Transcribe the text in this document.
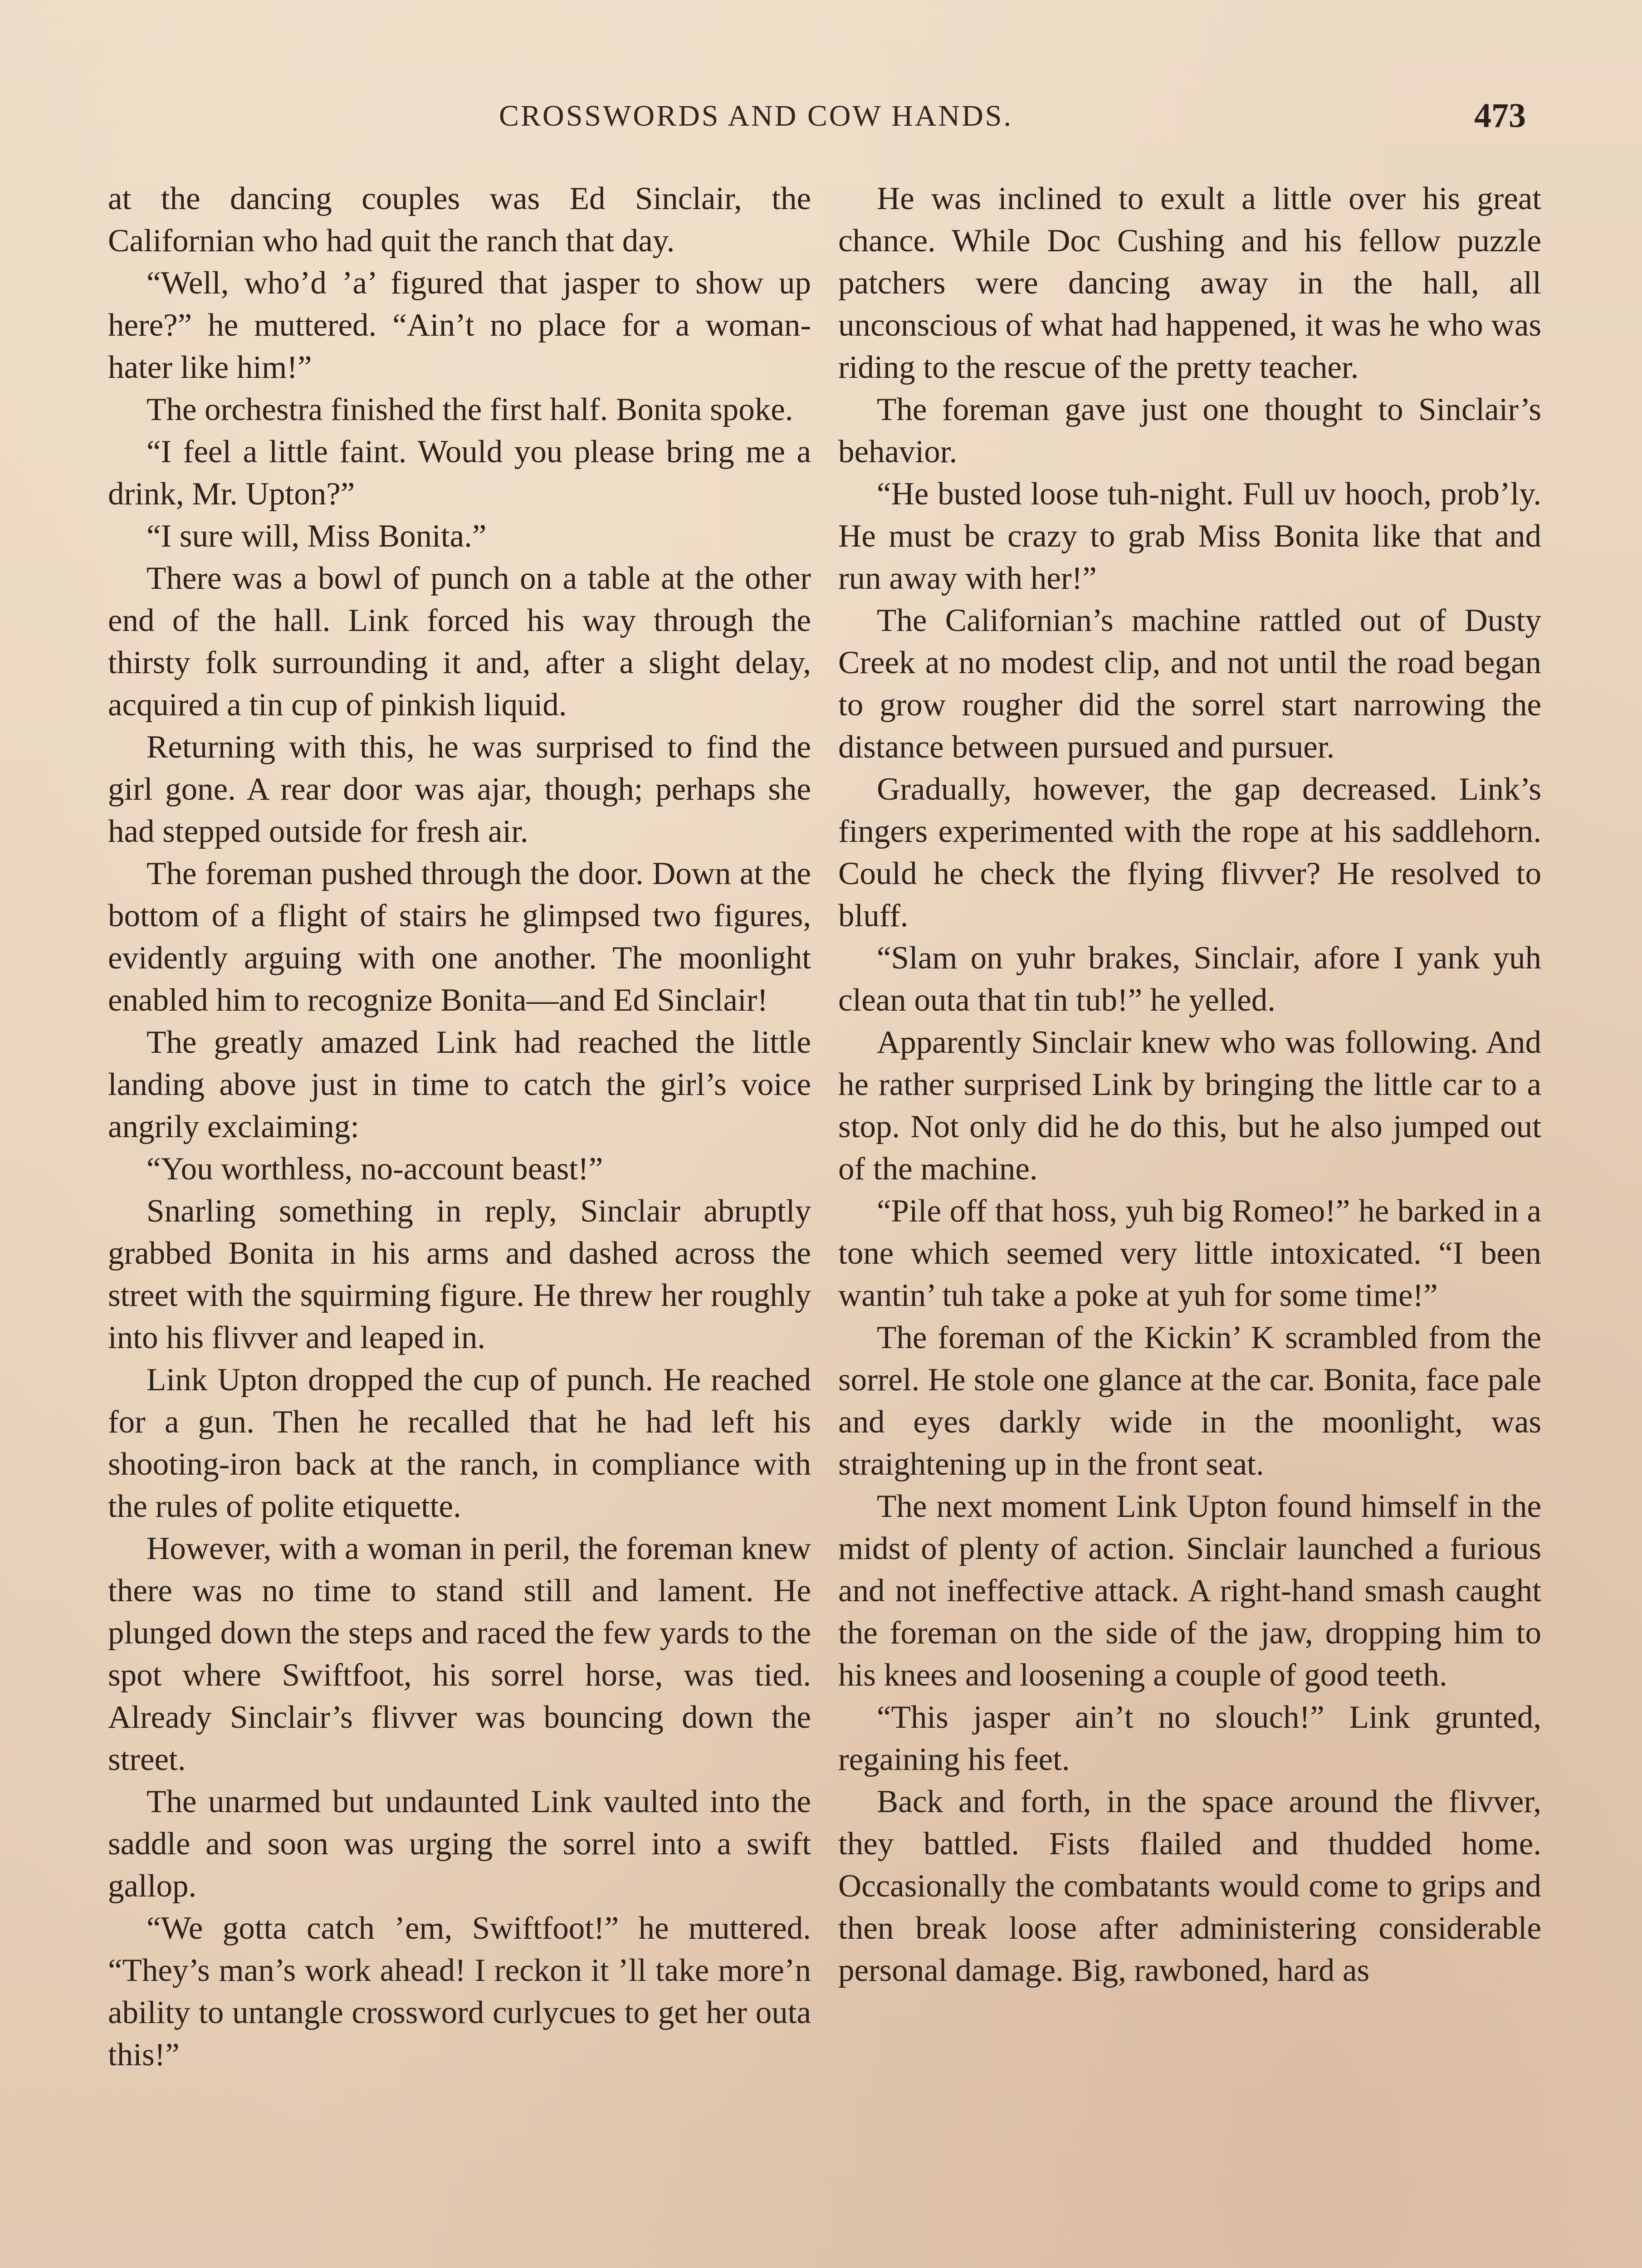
CROSSWORDS AND COW HANDS.	473

at the dancing couples was Ed Sinclair, the Californian who had quit the ranch that day.

“Well, who’d ’a’ figured that jasper to show up here?” he muttered. “Ain’t no place for a woman-hater like him!”

The orchestra finished the first half. Bonita spoke.

“I feel a little faint. Would you please bring me a drink, Mr. Upton?”

“I sure will, Miss Bonita.”

There was a bowl of punch on a table at the other end of the hall. Link forced his way through the thirsty folk surrounding it and, after a slight delay, acquired a tin cup of pinkish liquid.

Returning with this, he was surprised to find the girl gone. A rear door was ajar, though; perhaps she had stepped outside for fresh air.

The foreman pushed through the door. Down at the bottom of a flight of stairs he glimpsed two figures, evidently arguing with one another. The moonlight enabled him to recognize Bonita—and Ed Sinclair!

The greatly amazed Link had reached the little landing above just in time to catch the girl’s voice angrily exclaiming:

“You worthless, no-account beast!”

Snarling something in reply, Sinclair abruptly grabbed Bonita in his arms and dashed across the street with the squirming figure. He threw her roughly into his flivver and leaped in.

Link Upton dropped the cup of punch. He reached for a gun. Then he recalled that he had left his shooting-iron back at the ranch, in compliance with the rules of polite etiquette.

However, with a woman in peril, the foreman knew there was no time to stand still and lament. He plunged down the steps and raced the few yards to the spot where Swiftfoot, his sorrel horse, was tied. Already Sinclair’s flivver was bouncing down the street.

The unarmed but undaunted Link vaulted into the saddle and soon was urging the sorrel into a swift gallop.

“We gotta catch ’em, Swiftfoot!” he muttered. “They’s man’s work ahead! I reckon it ’ll take more’n ability to untangle crossword curlycues to get her outa this!”

He was inclined to exult a little over his great chance. While Doc Cushing and his fellow puzzle patchers were dancing away in the hall, all unconscious of what had happened, it was he who was riding to the rescue of the pretty teacher.

The foreman gave just one thought to Sinclair’s behavior.

“He busted loose tuh-night. Full uv hooch, prob’ly. He must be crazy to grab Miss Bonita like that and run away with her!”

The Californian’s machine rattled out of Dusty Creek at no modest clip, and not until the road began to grow rougher did the sorrel start narrowing the distance between pursued and pursuer.

Gradually, however, the gap decreased. Link’s fingers experimented with the rope at his saddlehorn. Could he check the flying flivver? He resolved to bluff.

“Slam on yuhr brakes, Sinclair, afore I yank yuh clean outa that tin tub!” he yelled.

Apparently Sinclair knew who was following. And he rather surprised Link by bringing the little car to a stop. Not only did he do this, but he also jumped out of the machine.

“Pile off that hoss, yuh big Romeo!” he barked in a tone which seemed very little intoxicated. “I been wantin’ tuh take a poke at yuh for some time!”

The foreman of the Kickin’ K scrambled from the sorrel. He stole one glance at the car. Bonita, face pale and eyes darkly wide in the moonlight, was straightening up in the front seat.

The next moment Link Upton found himself in the midst of plenty of action. Sinclair launched a furious and not ineffective attack. A right-hand smash caught the foreman on the side of the jaw, dropping him to his knees and loosening a couple of good teeth.

“This jasper ain’t no slouch!” Link grunted, regaining his feet.

Back and forth, in the space around the flivver, they battled. Fists flailed and thudded home. Occasionally the combatants would come to grips and then break loose after administering considerable personal damage. Big, rawboned, hard as
